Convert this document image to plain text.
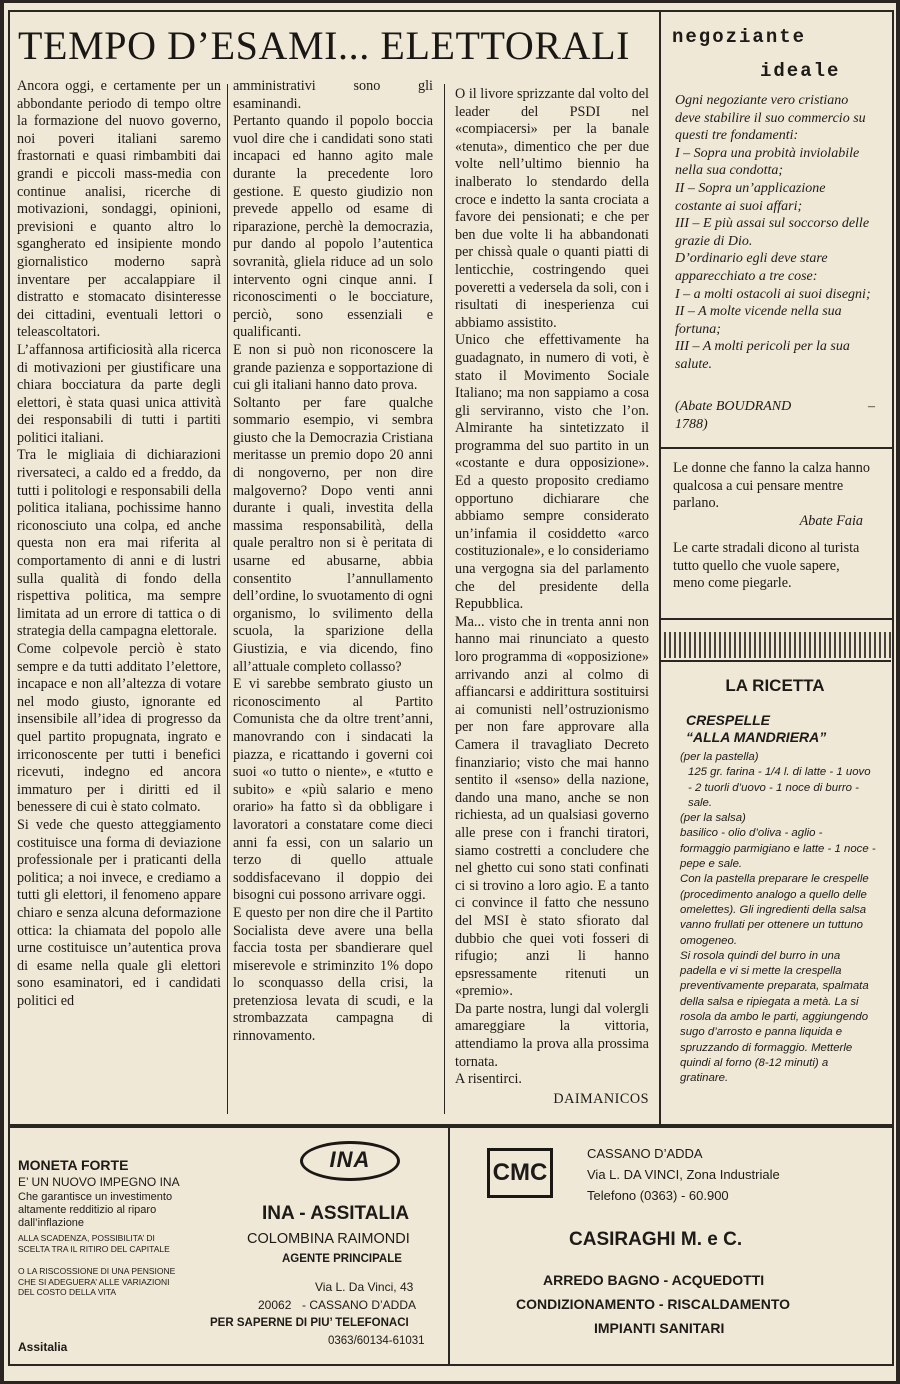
TEMPO D’ESAMI... ELETTORALI

Ancora oggi, e certamente per un abbondante periodo di tempo oltre la formazione del nuovo governo, noi poveri italiani saremo frastornati e quasi rimbambiti dai grandi e piccoli mass-media con continue analisi, ricerche di motivazioni, sondaggi, opinioni, previsioni e quanto altro lo sgangherato ed insipiente mondo giornalistico moderno saprà inventare per accalappiare il distratto e stomacato disinteresse dei cittadini, eventuali lettori o teleascoltatori.

L’affannosa artificiosità alla ricerca di motivazioni per giustificare una chiara bocciatura da parte degli elettori, è stata quasi unica attività dei responsabili di tutti i partiti politici italiani.

Tra le migliaia di dichiarazioni riversateci, a caldo ed a freddo, da tutti i politologi e responsabili della politica italiana, pochissime hanno riconosciuto una colpa, ed anche questa non era mai riferita al comportamento di anni e di lustri sulla qualità di fondo della rispettiva politica, ma sempre limitata ad un errore di tattica o di strategia della campagna elettorale.

Come colpevole perciò è stato sempre e da tutti additato l’elettore, incapace e non all’altezza di votare nel modo giusto, ignorante ed insensibile all’idea di progresso da quel partito propugnata, ingrato e irriconoscente per tutti i benefici ricevuti, indegno ed ancora immaturo per i diritti ed il benessere di cui è stato colmato.

Si vede che questo atteggiamento costituisce una forma di deviazione professionale per i praticanti della politica; a noi invece, e crediamo a tutti gli elettori, il fenomeno appare chiaro e senza alcuna deformazione ottica: la chiamata del popolo alle urne costituisce un’autentica prova di esame nella quale gli elettori sono esaminatori, ed i candidati politici ed

amministrativi sono gli esaminandi.

Pertanto quando il popolo boccia vuol dire che i candidati sono stati incapaci ed hanno agito male durante la precedente loro gestione. E questo giudizio non prevede appello od esame di riparazione, perchè la democrazia, pur dando al popolo l’autentica sovranità, gliela riduce ad un solo intervento ogni cinque anni. I riconoscimenti o le bocciature, perciò, sono essenziali e qualificanti.

E non si può non riconoscere la grande pazienza e sopportazione di cui gli italiani hanno dato prova.

Soltanto per fare qualche sommario esempio, vi sembra giusto che la Democrazia Cristiana meritasse un premio dopo 20 anni di nongoverno, per non dire malgoverno? Dopo venti anni durante i quali, investita della massima responsabilità, della quale peraltro non si è peritata di usarne ed abusarne, abbia consentito l’annullamento dell’ordine, lo svuotamento di ogni organismo, lo svilimento della scuola, la sparizione della Giustizia, e via dicendo, fino all’attuale completo collasso?

E vi sarebbe sembrato giusto un riconoscimento al Partito Comunista che da oltre trent’anni, manovrando con i sindacati la piazza, e ricattando i governi coi suoi «o tutto o niente», e «tutto e subito» e «più salario e meno orario» ha fatto sì da obbligare i lavoratori a constatare come dieci anni fa essi, con un salario un terzo di quello attuale soddisfacevano il doppio dei bisogni cui possono arrivare oggi.

E questo per non dire che il Partito Socialista deve avere una bella faccia tosta per sbandierare quel miserevole e striminzito 1% dopo lo sconquasso della crisi, la pretenziosa levata di scudi, e la strombazzata campagna di rinnovamento.

O il livore sprizzante dal volto del leader del PSDI nel «compiacersi» per la banale «tenuta», dimentico che per due volte nell’ultimo biennio ha inalberato lo stendardo della croce e indetto la santa crociata a favore dei pensionati; e che per ben due volte li ha abbandonati per chissà quale o quanti piatti di lenticchie, costringendo quei poveretti a vedersela da soli, con i risultati di inesperienza cui abbiamo assistito.

Unico che effettivamente ha guadagnato, in numero di voti, è stato il Movimento Sociale Italiano; ma non sappiamo a cosa gli serviranno, visto che l’on. Almirante ha sintetizzato il programma del suo partito in un «costante e dura opposizione». Ed a questo proposito crediamo opportuno dichiarare che abbiamo sempre considerato un’infamia il cosiddetto «arco costituzionale», e lo consideriamo una vergogna sia del parlamento che del presidente della Repubblica.

Ma... visto che in trenta anni non hanno mai rinunciato a questo loro programma di «opposizione» arrivando anzi al colmo di affiancarsi e addirittura sostituirsi ai comunisti nell’ostruzionismo per non fare approvare alla Camera il travagliato Decreto finanziario; visto che mai hanno sentito il «senso» della nazione, dando una mano, anche se non richiesta, ad un qualsiasi governo alle prese con i franchi tiratori, siamo costretti a concludere che nel ghetto cui sono stati confinati ci si trovino a loro agio. E a tanto ci convince il fatto che nessuno del MSI è stato sfiorato dal dubbio che quei voti fosseri di rifugio; anzi li hanno epsressamente ritenuti un «premio».

Da parte nostra, lungi dal volergli amareggiare la vittoria, attendiamo la prova alla prossima tornata.

A risentirci.

DAIMANICOS

negoziante
ideale

Ogni negoziante vero cristiano deve stabilire il suo commercio su questi tre fondamenti:

I – Sopra una probità inviolabile nella sua condotta;

II – Sopra un’applicazione costante ai suoi affari;

III – E più assai sul soccorso delle grazie di Dio.

D’ordinario egli deve stare apparecchiato a tre cose:

I – a molti ostacoli ai suoi disegni;

II – A molte vicende nella sua fortuna;

III – A molti pericoli per la sua salute.

(Abate BOUDRAND	–
1788)
Le donne che fanno la calza hanno qualcosa a cui pensare mentre parlano.
Abate Faia
Le carte stradali dicono al turista tutto quello che vuole sapere, meno come piegarle.
LA RICETTA
CRESPELLE
“ALLA MANDRIERA”

(per la pastella)

125 gr. farina - 1/4 l. di latte - 1 uovo - 2 tuorli d’uovo - 1 noce di burro - sale.

(per la salsa)

basilico - olio d’oliva - aglio - formaggio parmigiano e latte - 1 noce - pepe e sale.

Con la pastella preparare le crespelle (procedimento analogo a quello delle omelettes). Gli ingredienti della salsa vanno frullati per ottenere un tuttuno omogeneo.

Si rosola quindi del burro in una padella e vi si mette la crespella preventivamente preparata, spalmata della salsa e ripiegata a metà. La si rosola da ambo le parti, aggiungendo sugo d’arrosto e panna liquida e spruzzando di formaggio. Metterle quindi al forno (8-12 minuti) a gratinare.

MONETA FORTE
E’ UN NUOVO IMPEGNO INA
Che garantisce un investimento altamente redditizio al riparo dall’inflazione
ALLA SCADENZA, POSSIBILITA’ DI SCELTA TRA IL RITIRO DEL CAPITALE
O LA RISCOSSIONE DI UNA PENSIONE CHE SI ADEGUERA’ ALLE VARIAZIONI DEL COSTO DELLA VITA
Assitalia
INA
INA - ASSITALIA
COLOMBINA RAIMONDI
AGENTE PRINCIPALE
Via L. Da Vinci, 43
20062 - CASSANO D’ADDA
PER SAPERNE DI PIU’ TELEFONACI
0363/60134-61031
CMC
CASSANO D’ADDA
Via L. DA VINCI, Zona Industriale
Telefono (0363) - 60.900
CASIRAGHI M. e C.
ARREDO BAGNO - ACQUEDOTTI
CONDIZIONAMENTO - RISCALDAMENTO
IMPIANTI SANITARI
